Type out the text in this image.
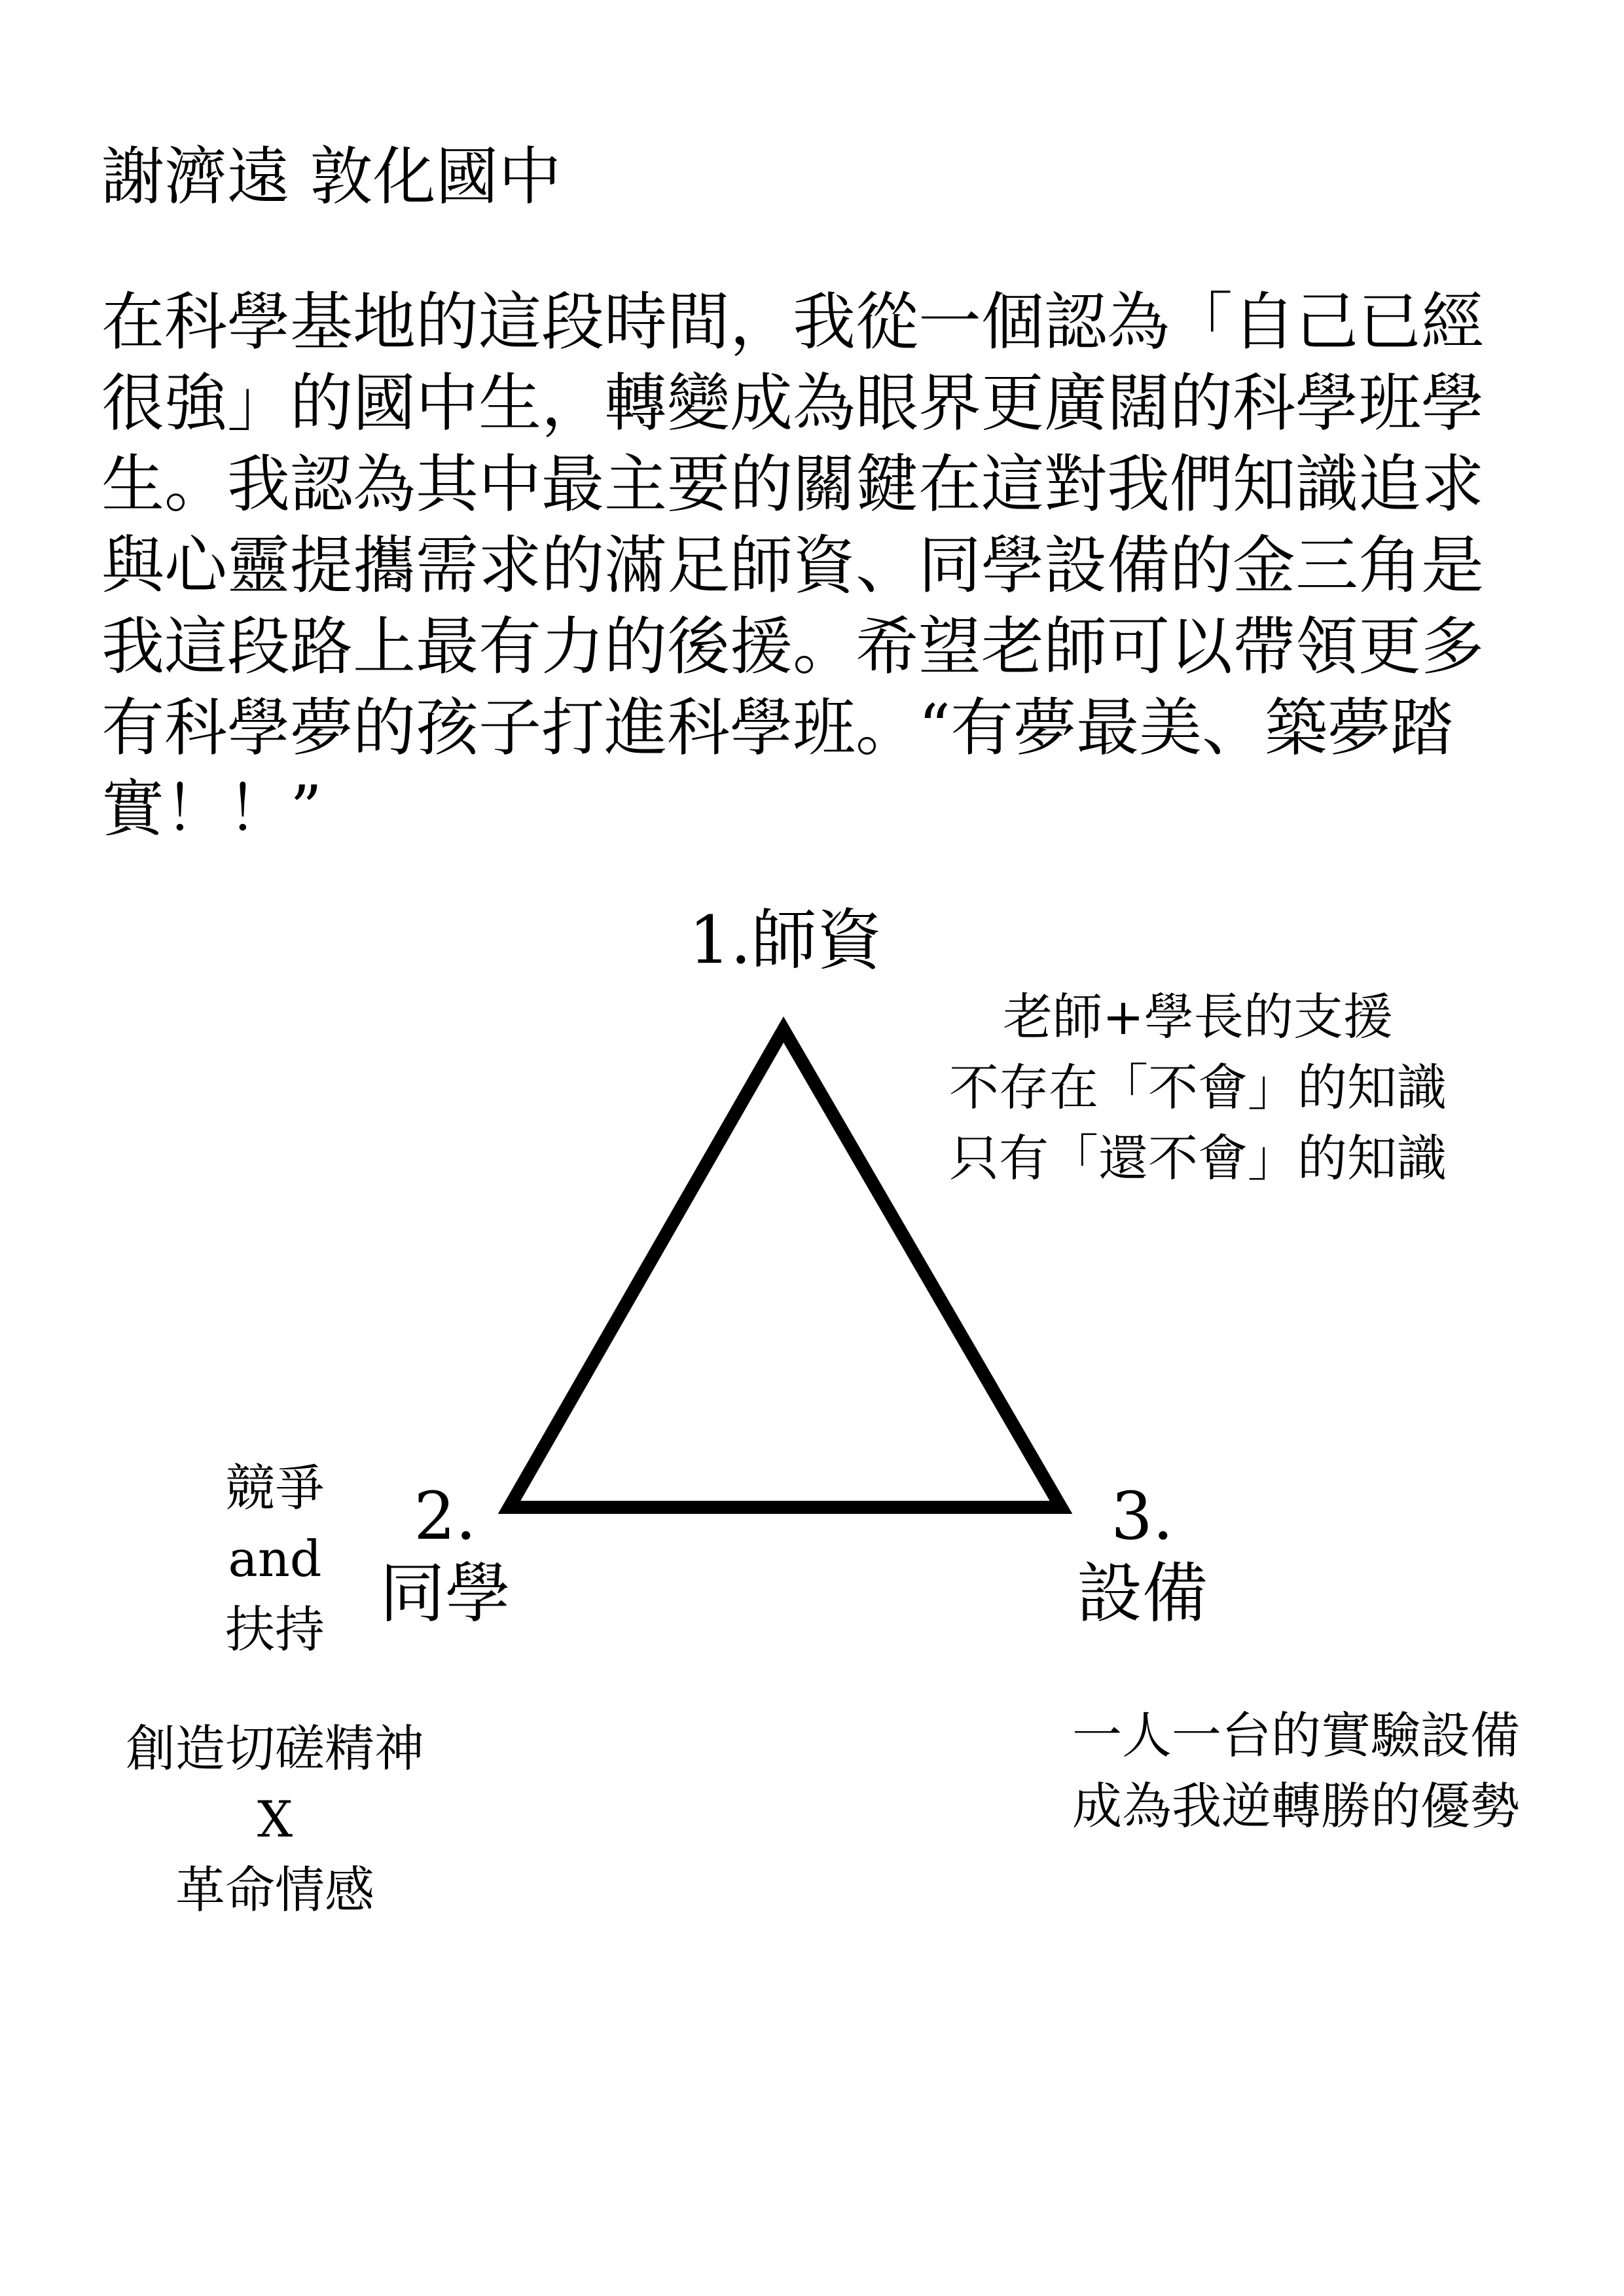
謝濟遠 敦化國中
在科學基地的這段時間，我從一個認為「自己已經
很強」的國中生，轉變成為眼界更廣闊的科學班學
生。我認為其中最主要的關鍵在這對我們知識追求
與心靈提攜需求的滿足師資、同學設備的金三角是
我這段路上最有力的後援。希望老師可以帶領更多
有科學夢的孩子打進科學班。“有夢最美、築夢踏
實！！”
1.師資
老師+學長的支援
不存在「不會」的知識
只有「還不會」的知識
2.
同學
競爭
and
扶持
創造切磋精神
X
革命情感
3.
設備
一人一台的實驗設備
成為我逆轉勝的優勢
